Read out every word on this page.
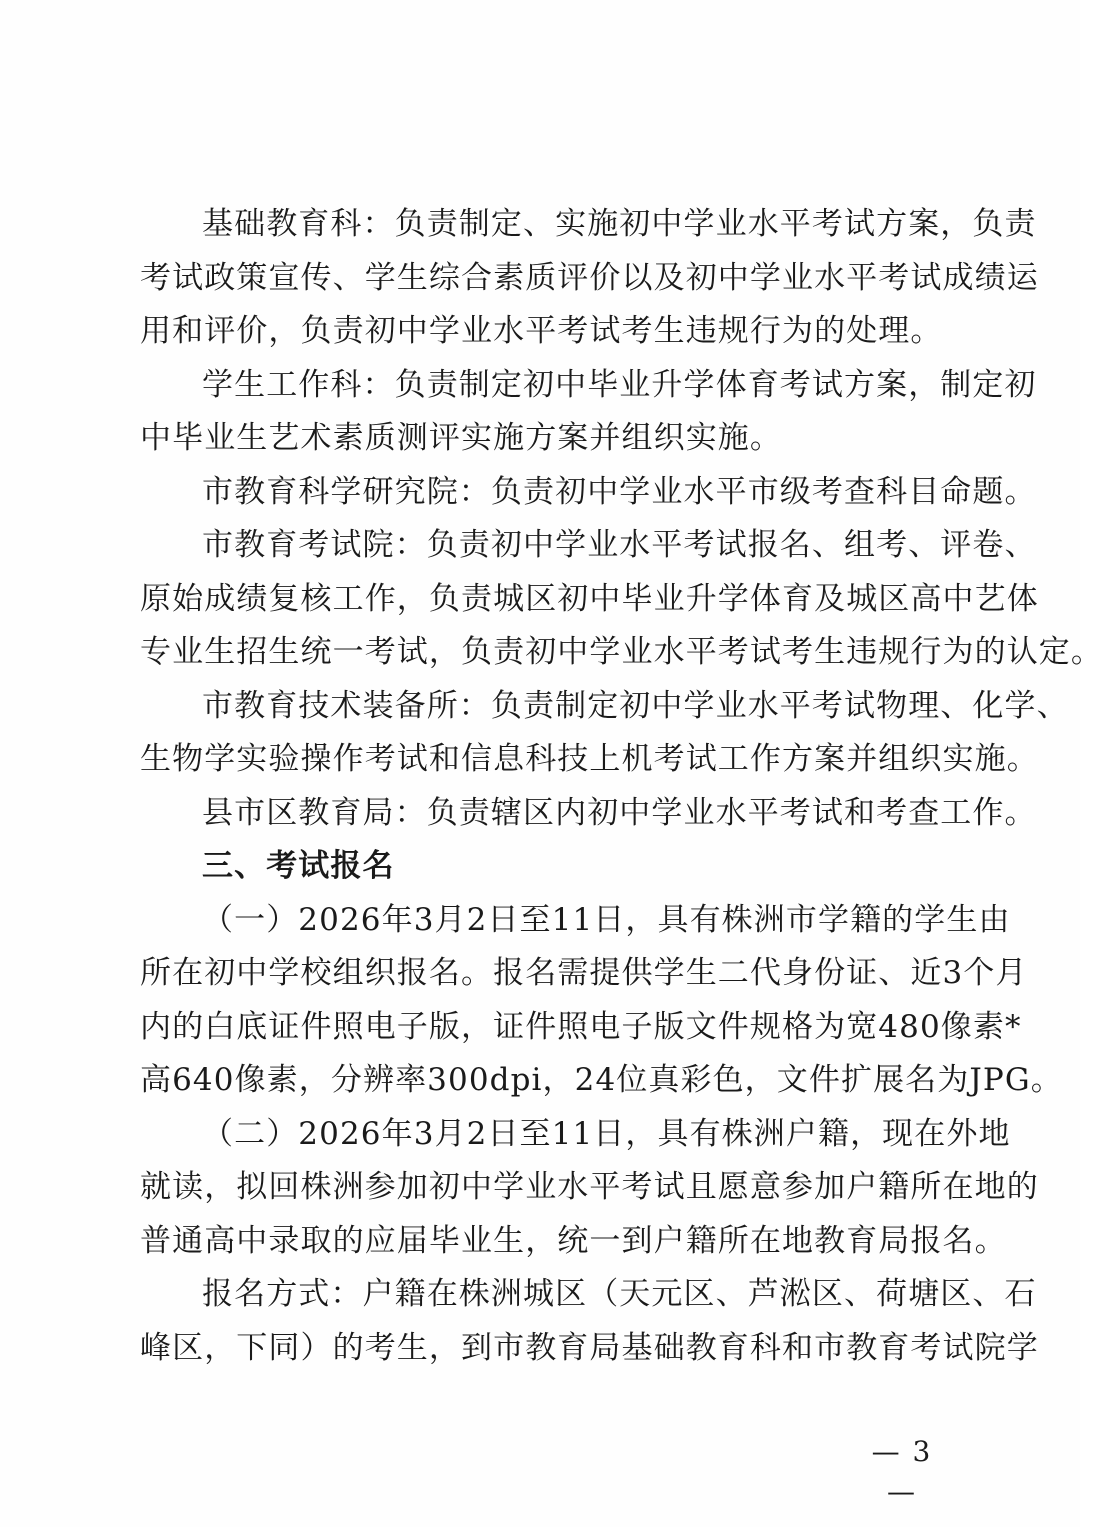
基础教育科：负责制定、实施初中学业水平考试方案，负责
考试政策宣传、学生综合素质评价以及初中学业水平考试成绩运
用和评价，负责初中学业水平考试考生违规行为的处理。
学生工作科：负责制定初中毕业升学体育考试方案，制定初
中毕业生艺术素质测评实施方案并组织实施。
市教育科学研究院：负责初中学业水平市级考查科目命题。
市教育考试院：负责初中学业水平考试报名、组考、评卷、
原始成绩复核工作，负责城区初中毕业升学体育及城区高中艺体
专业生招生统一考试，负责初中学业水平考试考生违规行为的认定。
市教育技术装备所：负责制定初中学业水平考试物理、化学、
生物学实验操作考试和信息科技上机考试工作方案并组织实施。
县市区教育局：负责辖区内初中学业水平考试和考查工作。
三、考试报名
（一）2026年3月2日至11日，具有株洲市学籍的学生由
所在初中学校组织报名。报名需提供学生二代身份证、近3个月
内的白底证件照电子版，证件照电子版文件规格为宽480像素*
高640像素，分辨率300dpi，24位真彩色，文件扩展名为JPG。
（二）2026年3月2日至11日，具有株洲户籍，现在外地
就读，拟回株洲参加初中学业水平考试且愿意参加户籍所在地的
普通高中录取的应届毕业生，统一到户籍所在地教育局报名。
报名方式：户籍在株洲城区（天元区、芦淞区、荷塘区、石
峰区，下同）的考生，到市教育局基础教育科和市教育考试院学
— 3 —
